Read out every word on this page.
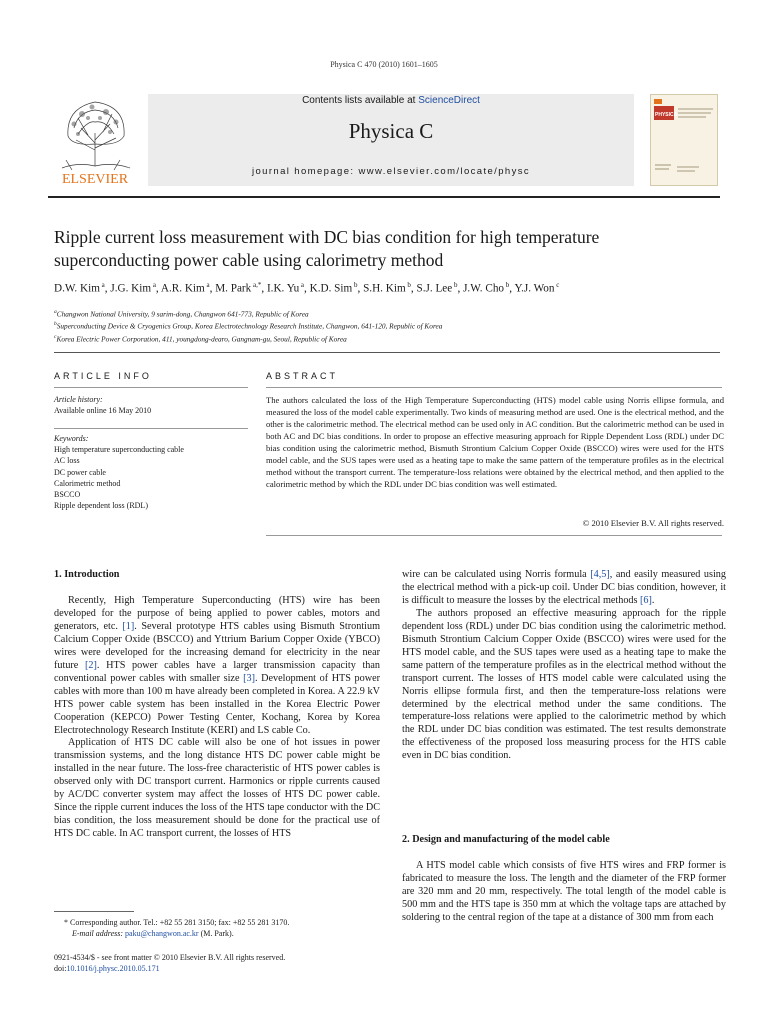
Physica C 470 (2010) 1601–1605
ELSEVIER
Contents lists available at ScienceDirect
Physica C
journal homepage: www.elsevier.com/locate/physc
PHYSICA
Ripple current loss measurement with DC bias condition for high temperature superconducting power cable using calorimetry method
D.W. Kim $^a$, J.G. Kim $^a$, A.R. Kim $^a$, M. Park $^{a,*}$, I.K. Yu $^a$, K.D. Sim $^b$, S.H. Kim $^b$, S.J. Lee $^b$, J.W. Cho $^b$, Y.J. Won $^c$
$^a$Changwon National University, 9 sarim-dong, Changwon 641-773, Republic of Korea
$^b$Superconducting Device & Cryogenics Group, Korea Electrotechnology Research Institute, Changwon, 641-120, Republic of Korea
$^c$Korea Electric Power Corporation, 411, youngdong-dearo, Gangnam-gu, Seoul, Republic of Korea
ARTICLE INFO	ABSTRACT
Article history:
Available online 16 May 2010
Keywords:
High temperature superconducting cable
AC loss
DC power cable
Calorimetric method
BSCCO
Ripple dependent loss (RDL)
The authors calculated the loss of the High Temperature Superconducting (HTS) model cable using Norris ellipse formula, and measured the loss of the model cable experimentally. Two kinds of measuring method are used. One is the electrical method, and the other is the calorimetric method. The electrical method can be used only in AC condition. But the calorimetric method can be used in both AC and DC bias conditions. In order to propose an effective measuring approach for Ripple Dependent Loss (RDL) under DC bias condition using the calorimetric method, Bismuth Strontium Calcium Copper Oxide (BSCCO) wires were used for the HTS model cable, and the SUS tapes were used as a heating tape to make the same pattern of the temperature profiles as in the electrical method without the transport current. The temperature-loss relations were obtained by the electrical method, and then applied to the calorimetric method by which the RDL under DC bias condition was well estimated.
© 2010 Elsevier B.V. All rights reserved.
1. Introduction

Recently, High Temperature Superconducting (HTS) wire has been developed for the purpose of being applied to power cables, motors and generators, etc. [1]. Several prototype HTS cables using Bismuth Strontium Calcium Copper Oxide (BSCCO) and Yttrium Barium Copper Oxide (YBCO) wires were developed for the increasing demand for electricity in the near future [2]. HTS power cables have a larger transmission capacity than conventional power cables with smaller size [3]. Development of HTS power cables with more than 100 m have already been completed in Korea. A 22.9 kV HTS power cable system has been installed in the Korea Electric Power Cooperation (KEPCO) Power Testing Center, Kochang, Korea by Korea Electrotechnology Research Institute (KERI) and LS cable Co.

Application of HTS DC cable will also be one of hot issues in power transmission systems, and the long distance HTS DC power cable might be installed in the near future. The loss-free characteristic of HTS power cables is observed only with DC transport current. Harmonics or ripple currents caused by AC/DC converter system may affect the losses of HTS DC power cable. Since the ripple current induces the loss of the HTS tape conductor with the DC bias condition, the loss measurement should be done for the practical use of HTS DC cable. In AC transport current, the losses of HTS

wire can be calculated using Norris formula [4,5], and easily measured using the electrical method with a pick-up coil. Under DC bias condition, however, it is difficult to measure the losses by the electrical methods [6].

The authors proposed an effective measuring approach for the ripple dependent loss (RDL) under DC bias condition using the calorimetric method. Bismuth Strontium Calcium Copper Oxide (BSCCO) wires were used for the HTS model cable, and the SUS tapes were used as a heating tape to make the same pattern of the temperature profiles as in the electrical method without the transport current. The losses of HTS model cable were calculated using the Norris ellipse formula first, and then the temperature-loss relations were determined by the electrical method under the same conditions. The temperature-loss relations were applied to the calorimetric method by which the RDL under DC bias condition was estimated. The test results demonstrate the effectiveness of the proposed loss measuring process for the HTS cable even in DC bias condition.

2. Design and manufacturing of the model cable

A HTS model cable which consists of five HTS wires and FRP former is fabricated to measure the loss. The length and the diameter of the FRP former are 320 mm and 20 mm, respectively. The total length of the model cable is 500 mm and the HTS tape is 350 mm at which the voltage taps are attached by soldering to the central region of the tape at a distance of 300 mm from each

* Corresponding author. Tel.: +82 55 281 3150; fax: +82 55 281 3170.
E-mail address: paku@changwon.ac.kr (M. Park).
0921-4534/$ - see front matter © 2010 Elsevier B.V. All rights reserved.
doi:10.1016/j.physc.2010.05.171
